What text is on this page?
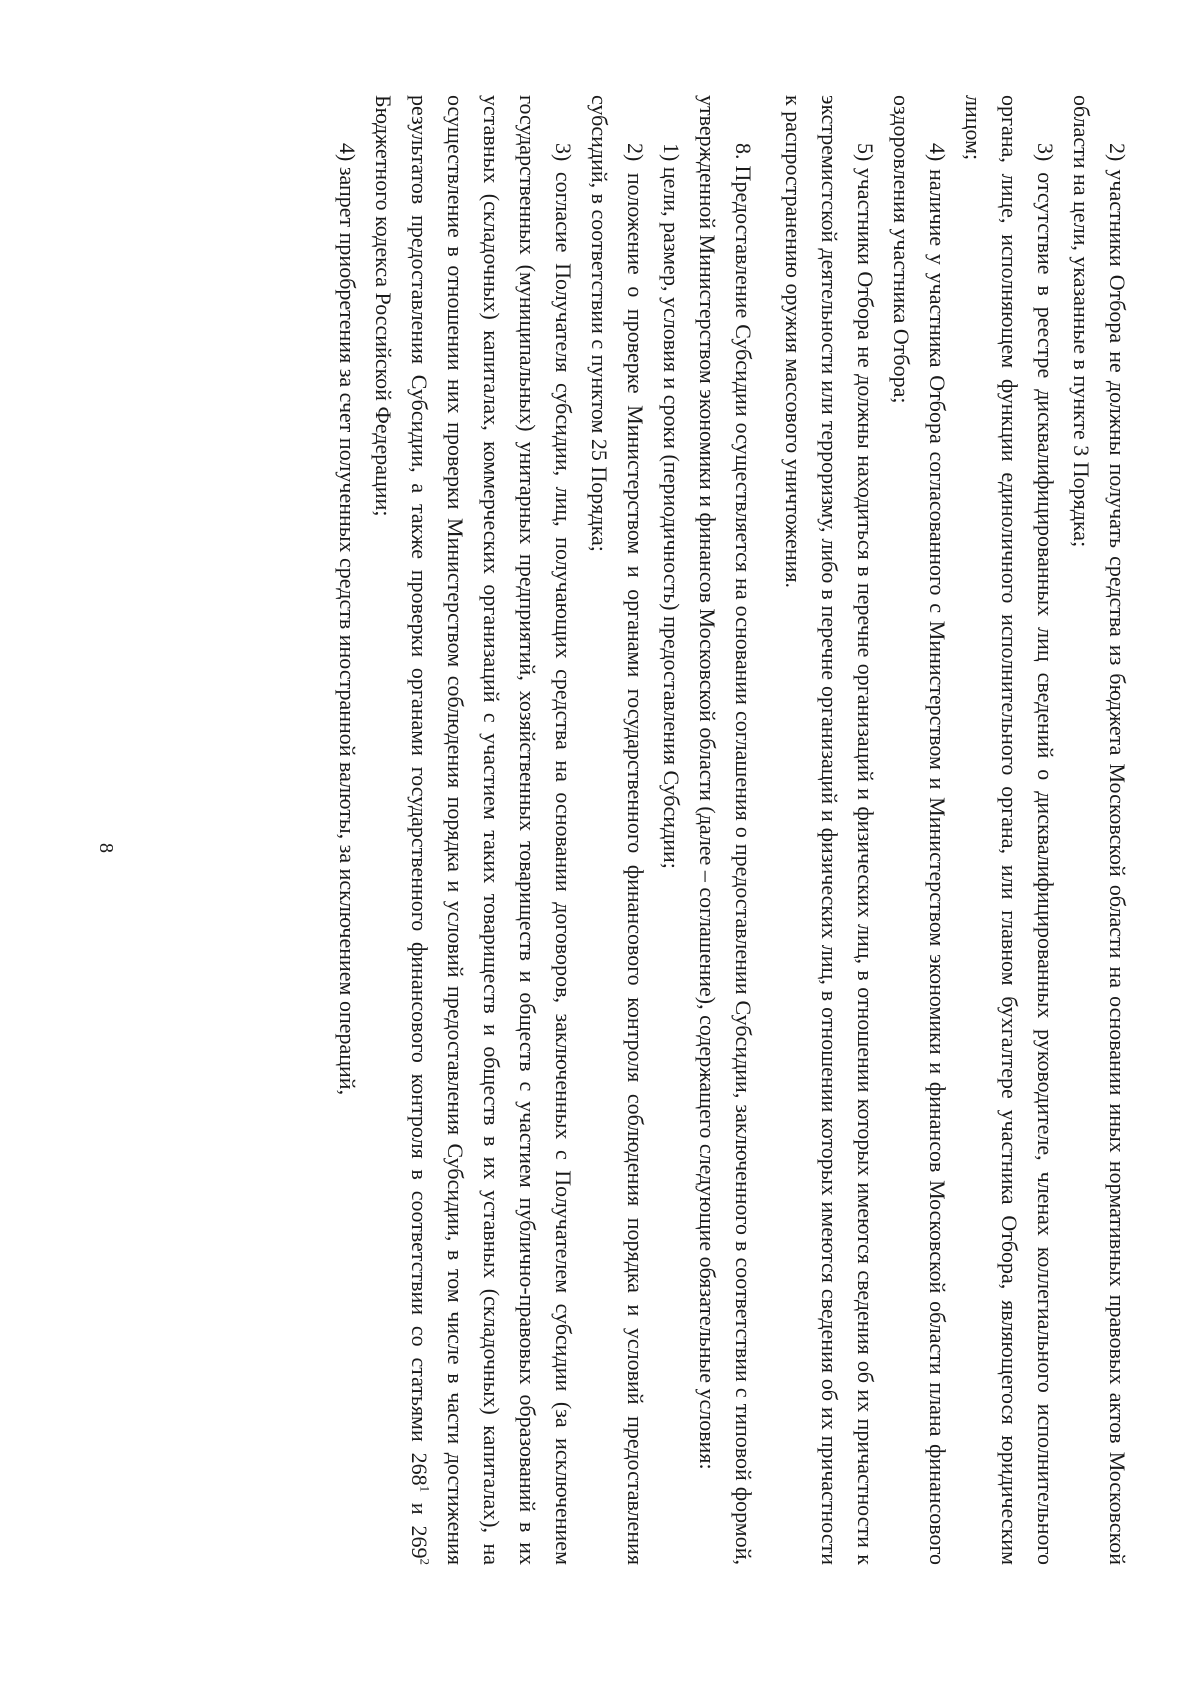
8	2) участники Отбора не должны получать средства из бюджета Московской области на основании иных нормативных правовых актов Московской области на цели, указанные в пункте 3 Порядка;

3) отсутствие в реестре дисквалифицированных лиц сведений о дисквалифицированных руководителе, членах коллегиального исполнительного органа, лице, исполняющем функции единоличного исполнительного органа, или главном бухгалтере участника Отбора, являющегося юридическим лицом;

4) наличие у участника Отбора согласованного с Министерством и Министерством экономики и финансов Московской области плана финансового оздоровления участника Отбора;

5) участники Отбора не должны находиться в перечне организаций и физических лиц, в отношении которых имеются сведения об их причастности к экстремистской деятельности или терроризму, либо в перечне организаций и физических лиц, в отношении которых имеются сведения об их причастности к распространению оружия массового уничтожения.

8. Предоставление Субсидии осуществляется на основании соглашения о предоставлении Субсидии, заключенного в соответствии с типовой формой, утвержденной Министерством экономики и финансов Московской области (далее – соглашение), содержащего следующие обязательные условия:

1) цели, размер, условия и сроки (периодичность) предоставления Субсидии;

2) положение о проверке Министерством и органами государственного финансового контроля соблюдения порядка и условий предоставления субсидий, в соответствии с пунктом 25 Порядка;

3) согласие Получателя субсидии, лиц, получающих средства на основании договоров, заключенных с Получателем субсидии (за исключением государственных (муниципальных) унитарных предприятий, хозяйственных товариществ и обществ с участием публично-правовых образований в их уставных (складочных) капиталах, коммерческих организаций с участием таких товариществ и обществ в их уставных (складочных) капиталах), на осуществление в отношении них проверки Министерством соблюдения порядка и условий предоставления Субсидии, в том числе в части достижения результатов предоставления Субсидии, а также проверки органами государственного финансового контроля в соответствии со статьями $268^1$ и $269^2$ Бюджетного кодекса Российской Федерации;

4) запрет приобретения за счет полученных средств иностранной валюты, за исключением операций,
